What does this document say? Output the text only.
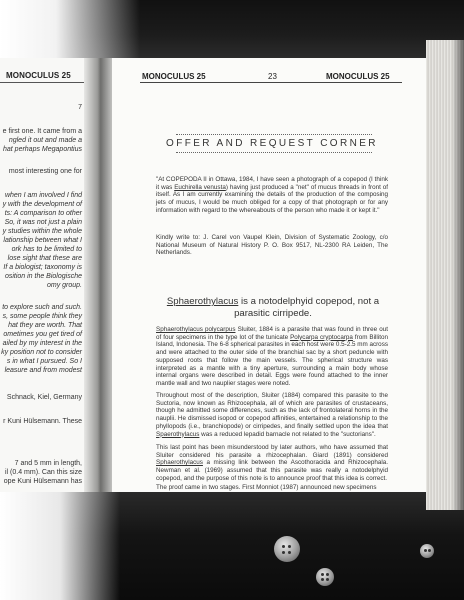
MONOCULUS 25
7
e first one. It came from a
ngled it out and made a
hat perhaps Megapontius
most interesting one for
when I am involved I find
y with the development of
ts: A comparison to other
So, it was not just a plain
y studies within the whole
lationship between what I
ork has to be limited to
lose sight that these are
If a biologist; taxonomy is
osition in the Biologische
omy group.
to explore such and such.
s, some people think they
hat they are worth. That
ometimes you get tired of
ailed by my interest in the
ky position not to consider
s in what I pursued. So I
leasure and from modest
Schnack, Kiel, Germany
r Kuni Hülsemann. These
7 and 5 mm in length,
il (0.4 mm). Can this size
ope Kuni Hülsemann has
MONOCULUS 25	23	MONOCULUS 25
OFFER AND REQUEST CORNER

"At COPEPODA II in Ottawa, 1984, I have seen a photograph of a copepod (I think it was Euchirella venusta) having just produced a "net" of mucus threads in front of itself. As I am currently examining the details of the production of the composing jets of mucus, I would be much obliged for a copy of that photograph or for any information with regard to the whereabouts of the person who made it or kept it."

Kindly write to: J. Carel von Vaupel Klein, Division of Systematic Zoology, c/o National Museum of Natural History P. O. Box 9517, NL-2300 RA Leiden, The Netherlands.

Sphaerothylacus is a notodelphyid copepod, not a parasitic cirripede.

Sphaerothylacus polycarpus Sluiter, 1884 is a parasite that was found in three out of four specimens in the type lot of the tunicate Polycarpa cryptocarpa from Billiton Island, Indonesia. The 6-8 spherical parasites in each host were 0.5-2.5 mm across and were attached to the outer side of the branchial sac by a short peduncle with supposed roots that follow the main vessels. The spherical structure was interpreted as a mantle with a tiny aperture, surrounding a main body whose internal organs were described in detail. Eggs were found attached to the inner mantle wall and two nauplier stages were noted.

Throughout most of the description, Sluiter (1884) compared this parasite to the Suctoria, now known as Rhizocephala, all of which are parasites of crustaceans, though he admitted some differences, such as the lack of frontolateral horns in the nauplii. He dismissed isopod or copepod affinities, entertained a relationship to the phyllopods (i.e., branchiopode) or cirripedes, and finally settled upon the idea that Spaerothylacus was a reduced lepadid barnacle not related to the "suctorians".

This last point has been misunderstood by later authors, who have assumed that Sluiter considered his parasite a rhizocephalan. Giard (1891) considered Sphaerothylacus a missing link between the Ascothoracida and Rhizocephala. Newman et al. (1969) assumed that this parasite was really a notodelphyid copepod, and the purpose of this note is to announce proof that this idea is correct.

The proof came in two stages. First Monniot (1987) announced new specimens
